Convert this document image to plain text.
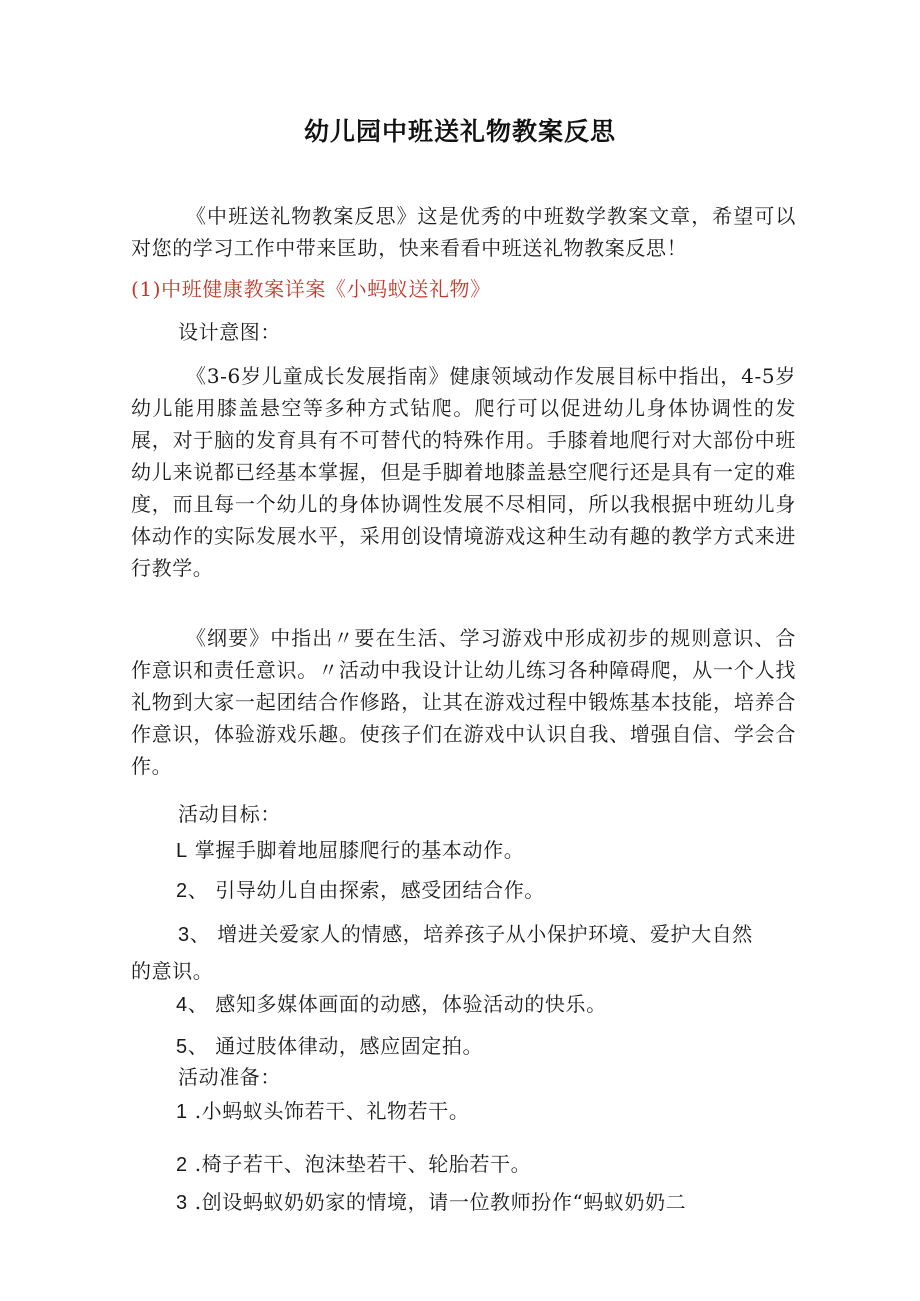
幼儿园中班送礼物教案反思

《中班送礼物教案反思》这是优秀的中班数学教案文章，希望可以对您的学习工作中带来匡助，快来看看中班送礼物教案反思！

(1)中班健康教案详案《小蚂蚁送礼物》
设计意图：

《3-6岁儿童成长发展指南》健康领域动作发展目标中指出，4-5岁幼儿能用膝盖悬空等多种方式钻爬。爬行可以促进幼儿身体协调性的发展，对于脑的发育具有不可替代的特殊作用。手膝着地爬行对大部份中班幼儿来说都已经基本掌握，但是手脚着地膝盖悬空爬行还是具有一定的难度，而且每一个幼儿的身体协调性发展不尽相同，所以我根据中班幼儿身体动作的实际发展水平，采用创设情境游戏这种生动有趣的教学方式来进行教学。

《纲要》中指出〃要在生活、学习游戏中形成初步的规则意识、合作意识和责任意识。〃活动中我设计让幼儿练习各种障碍爬，从一个人找礼物到大家一起团结合作修路，让其在游戏过程中锻炼基本技能，培养合作意识，体验游戏乐趣。使孩子们在游戏中认识自我、增强自信、学会合作。

活动目标：
L 掌握手脚着地屈膝爬行的基本动作。
2、 引导幼儿自由探索，感受团结合作。
3、 增进关爱家人的情感，培养孩子从小保护环境、爱护大自然
的意识。
4、 感知多媒体画面的动感，体验活动的快乐。
5、 通过肢体律动，感应固定拍。
活动准备：
1 .小蚂蚁头饰若干、礼物若干。
2 .椅子若干、泡沫垫若干、轮胎若干。
3 .创设蚂蚁奶奶家的情境，请一位教师扮作“蚂蚁奶奶二
